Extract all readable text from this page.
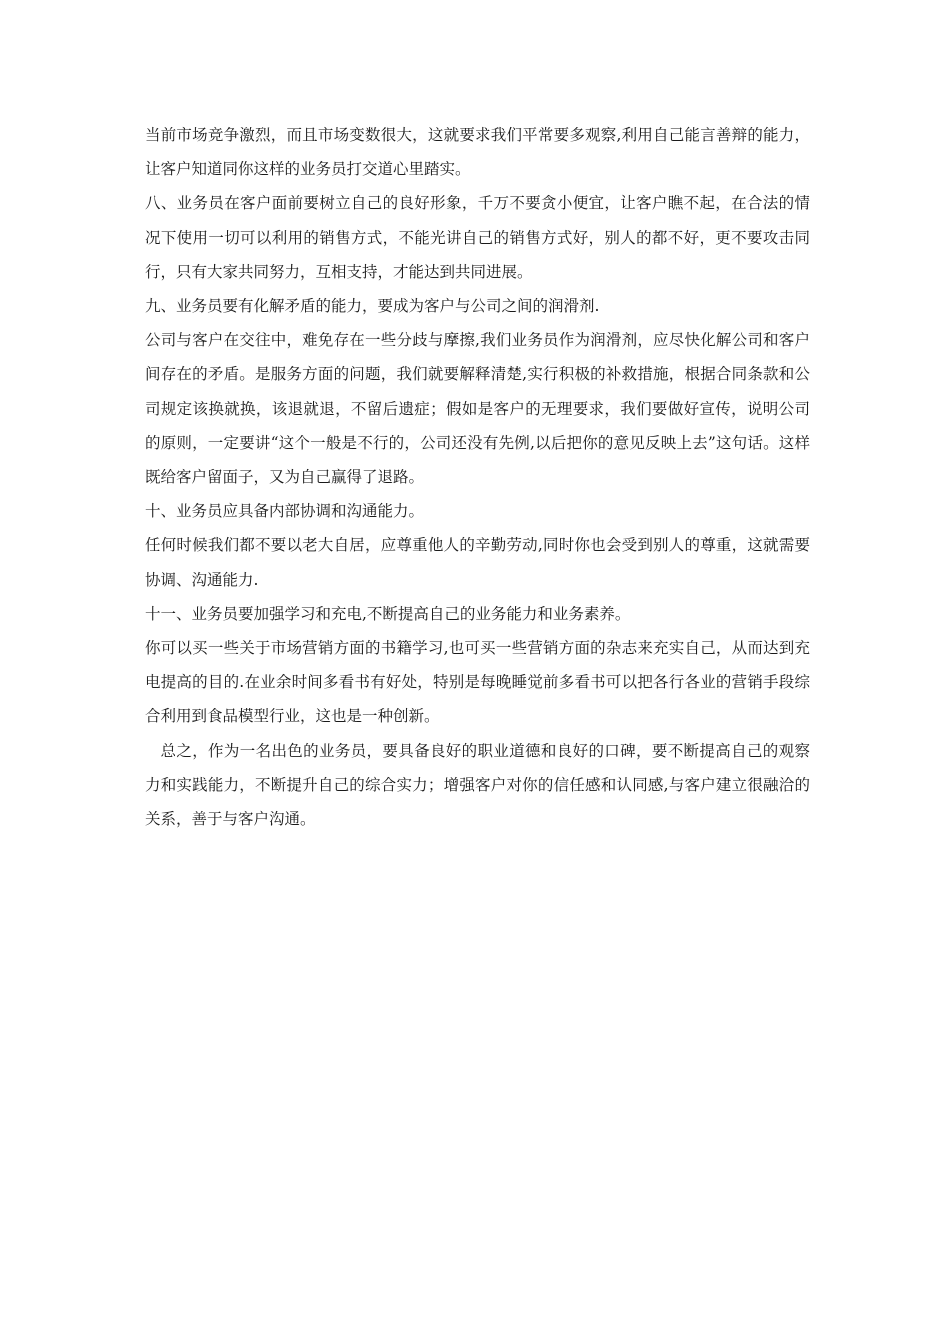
当前市场竞争激烈，而且市场变数很大，这就要求我们平常要多观察,利用自己能言善辩的能力，让客户知道同你这样的业务员打交道心里踏实。

八、业务员在客户面前要树立自己的良好形象，千万不要贪小便宜，让客户瞧不起，在合法的情况下使用一切可以利用的销售方式，不能光讲自己的销售方式好，别人的都不好，更不要攻击同行，只有大家共同努力，互相支持，才能达到共同进展。

九、业务员要有化解矛盾的能力，要成为客户与公司之间的润滑剂.

公司与客户在交往中，难免存在一些分歧与摩擦,我们业务员作为润滑剂，应尽快化解公司和客户间存在的矛盾。是服务方面的问题，我们就要解释清楚,实行积极的补救措施，根据合同条款和公司规定该换就换，该退就退，不留后遗症；假如是客户的无理要求，我们要做好宣传，说明公司的原则，一定要讲“这个一般是不行的，公司还没有先例,以后把你的意见反映上去”这句话。这样既给客户留面子，又为自己赢得了退路。

十、业务员应具备内部协调和沟通能力。

任何时候我们都不要以老大自居，应尊重他人的辛勤劳动,同时你也会受到别人的尊重，这就需要协调、沟通能力.

十一、业务员要加强学习和充电,不断提高自己的业务能力和业务素养。

你可以买一些关于市场营销方面的书籍学习,也可买一些营销方面的杂志来充实自己，从而达到充电提高的目的.在业余时间多看书有好处，特别是每晚睡觉前多看书可以把各行各业的营销手段综合利用到食品模型行业，这也是一种创新。

总之，作为一名出色的业务员，要具备良好的职业道德和良好的口碑，要不断提高自己的观察力和实践能力，不断提升自己的综合实力；增强客户对你的信任感和认同感,与客户建立很融洽的关系，善于与客户沟通。
